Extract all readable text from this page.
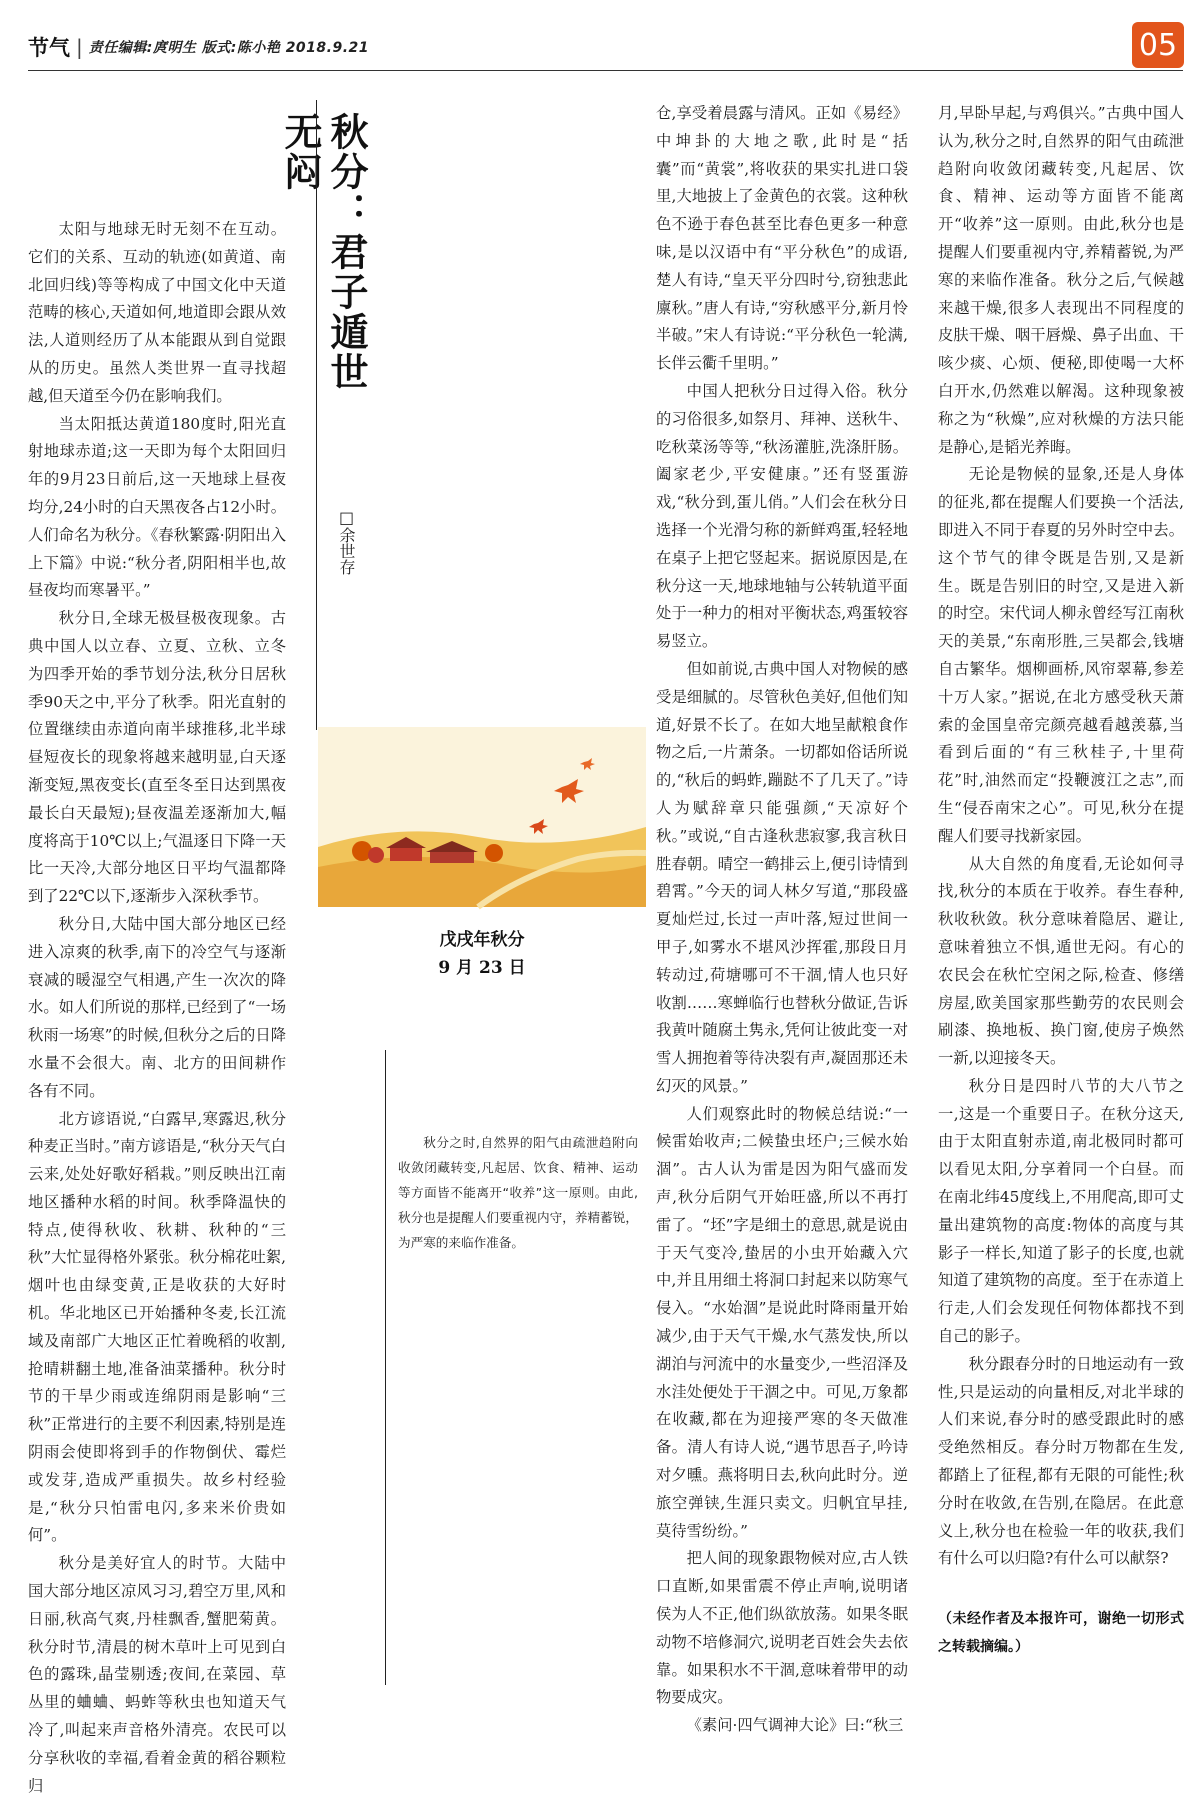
节气 | 责任编辑:庹明生 版式:陈小艳 2018.9.21	05
秋分：君子遁世无闷
□余世存

太阳与地球无时无刻不在互动。它们的关系、互动的轨迹(如黄道、南北回归线)等等构成了中国文化中天道范畴的核心,天道如何,地道即会跟从效法,人道则经历了从本能跟从到自觉跟从的历史。虽然人类世界一直寻找超越,但天道至今仍在影响我们。

当太阳抵达黄道180度时,阳光直射地球赤道;这一天即为每个太阳回归年的9月23日前后,这一天地球上昼夜均分,24小时的白天黑夜各占12小时。人们命名为秋分。《春秋繁露·阴阳出入上下篇》中说:“秋分者,阴阳相半也,故昼夜均而寒暑平。”

秋分日,全球无极昼极夜现象。古典中国人以立春、立夏、立秋、立冬为四季开始的季节划分法,秋分日居秋季90天之中,平分了秋季。阳光直射的位置继续由赤道向南半球推移,北半球昼短夜长的现象将越来越明显,白天逐渐变短,黑夜变长(直至冬至日达到黑夜最长白天最短);昼夜温差逐渐加大,幅度将高于10℃以上;气温逐日下降一天比一天冷,大部分地区日平均气温都降到了22℃以下,逐渐步入深秋季节。

秋分日,大陆中国大部分地区已经进入凉爽的秋季,南下的冷空气与逐渐衰减的暖湿空气相遇,产生一次次的降水。如人们所说的那样,已经到了“一场秋雨一场寒”的时候,但秋分之后的日降水量不会很大。南、北方的田间耕作各有不同。

北方谚语说,“白露早,寒露迟,秋分种麦正当时。”南方谚语是,“秋分天气白云来,处处好歌好稻栽。”则反映出江南地区播种水稻的时间。秋季降温快的特点,使得秋收、秋耕、秋种的“三秋”大忙显得格外紧张。秋分棉花吐絮,烟叶也由绿变黄,正是收获的大好时机。华北地区已开始播种冬麦,长江流域及南部广大地区正忙着晚稻的收割,抢晴耕翻土地,准备油菜播种。秋分时节的干旱少雨或连绵阴雨是影响“三秋”正常进行的主要不利因素,特别是连阴雨会使即将到手的作物倒伏、霉烂或发芽,造成严重损失。故乡村经验是,“秋分只怕雷电闪,多来米价贵如何”。

秋分是美好宜人的时节。大陆中国大部分地区凉风习习,碧空万里,风和日丽,秋高气爽,丹桂飘香,蟹肥菊黄。秋分时节,清晨的树木草叶上可见到白色的露珠,晶莹剔透;夜间,在菜园、草丛里的蛐蛐、蚂蚱等秋虫也知道天气冷了,叫起来声音格外清亮。农民可以分享秋收的幸福,看着金黄的稻谷颗粒归

戊戌年秋分
9 月 23 日

秋分之时,自然界的阳气由疏泄趋附向收敛闭藏转变,凡起居、饮食、精神、运动等方面皆不能离开“收养”这一原则。由此,秋分也是提醒人们要重视内守，养精蓄锐，为严寒的来临作准备。

仓,享受着晨露与清风。正如《易经》中坤卦的大地之歌,此时是“括囊”而“黄裳”,将收获的果实扎进口袋里,大地披上了金黄色的衣裳。这种秋色不逊于春色甚至比春色更多一种意味,是以汉语中有“平分秋色”的成语,楚人有诗,“皇天平分四时兮,窃独悲此廪秋。”唐人有诗,“穷秋感平分,新月怜半破。”宋人有诗说:“平分秋色一轮满,长伴云衢千里明。”

中国人把秋分日过得入俗。秋分的习俗很多,如祭月、拜神、送秋牛、吃秋菜汤等等,“秋汤灌脏,洗涤肝肠。阖家老少,平安健康。”还有竖蛋游戏,“秋分到,蛋儿俏。”人们会在秋分日选择一个光滑匀称的新鲜鸡蛋,轻轻地在桌子上把它竖起来。据说原因是,在秋分这一天,地球地轴与公转轨道平面处于一种力的相对平衡状态,鸡蛋较容易竖立。

但如前说,古典中国人对物候的感受是细腻的。尽管秋色美好,但他们知道,好景不长了。在如大地呈献粮食作物之后,一片萧条。一切都如俗话所说的,“秋后的蚂蚱,蹦跶不了几天了。”诗人为赋辞章只能强颜,“天凉好个秋。”或说,“自古逢秋悲寂寥,我言秋日胜春朝。晴空一鹤排云上,便引诗情到碧霄。”今天的词人林夕写道,“那段盛夏灿烂过,长过一声叶落,短过世间一甲子,如雾水不堪风沙挥霍,那段日月转动过,荷塘哪可不干涸,情人也只好收割……寒蝉临行也替秋分做证,告诉我黄叶随腐土隽永,凭何让彼此变一对雪人拥抱着等待决裂有声,凝固那还未幻灭的风景。”

人们观察此时的物候总结说:“一候雷始收声;二候蛰虫坯户;三候水始涸”。古人认为雷是因为阳气盛而发声,秋分后阴气开始旺盛,所以不再打雷了。“坯”字是细土的意思,就是说由于天气变冷,蛰居的小虫开始藏入穴中,并且用细土将洞口封起来以防寒气侵入。“水始涸”是说此时降雨量开始减少,由于天气干燥,水气蒸发快,所以湖泊与河流中的水量变少,一些沼泽及水洼处便处于干涸之中。可见,万象都在收藏,都在为迎接严寒的冬天做准备。清人有诗人说,“遇节思吾子,吟诗对夕曛。燕将明日去,秋向此时分。逆旅空弹铗,生涯只卖文。归帆宜早挂,莫待雪纷纷。”

把人间的现象跟物候对应,古人铁口直断,如果雷震不停止声响,说明诸侯为人不正,他们纵欲放荡。如果冬眠动物不培修洞穴,说明老百姓会失去依靠。如果积水不干涸,意味着带甲的动物要成灾。

《素问·四气调神大论》曰:“秋三

月,早卧早起,与鸡俱兴。”古典中国人认为,秋分之时,自然界的阳气由疏泄趋附向收敛闭藏转变,凡起居、饮食、精神、运动等方面皆不能离开“收养”这一原则。由此,秋分也是提醒人们要重视内守,养精蓄锐,为严寒的来临作准备。秋分之后,气候越来越干燥,很多人表现出不同程度的皮肤干燥、咽干唇燥、鼻子出血、干咳少痰、心烦、便秘,即使喝一大杯白开水,仍然难以解渴。这种现象被称之为“秋燥”,应对秋燥的方法只能是静心,是韬光养晦。

无论是物候的显象,还是人身体的征兆,都在提醒人们要换一个活法,即进入不同于春夏的另外时空中去。这个节气的律令既是告别,又是新生。既是告别旧的时空,又是进入新的时空。宋代词人柳永曾经写江南秋天的美景,“东南形胜,三吴都会,钱塘自古繁华。烟柳画桥,风帘翠幕,参差十万人家。”据说,在北方感受秋天萧索的金国皇帝完颜亮越看越羡慕,当看到后面的“有三秋桂子,十里荷花”时,油然而定“投鞭渡江之志”,而生“侵吞南宋之心”。可见,秋分在提醒人们要寻找新家园。

从大自然的角度看,无论如何寻找,秋分的本质在于收养。春生春种,秋收秋敛。秋分意味着隐居、避让,意味着独立不惧,遁世无闷。有心的农民会在秋忙空闲之际,检查、修缮房屋,欧美国家那些勤劳的农民则会刷漆、换地板、换门窗,使房子焕然一新,以迎接冬天。

秋分日是四时八节的大八节之一,这是一个重要日子。在秋分这天,由于太阳直射赤道,南北极同时都可以看见太阳,分享着同一个白昼。而在南北纬45度线上,不用爬高,即可丈量出建筑物的高度:物体的高度与其影子一样长,知道了影子的长度,也就知道了建筑物的高度。至于在赤道上行走,人们会发现任何物体都找不到自己的影子。

秋分跟春分时的日地运动有一致性,只是运动的向量相反,对北半球的人们来说,春分时的感受跟此时的感受绝然相反。春分时万物都在生发,都踏上了征程,都有无限的可能性;秋分时在收敛,在告别,在隐居。在此意义上,秋分也在检验一年的收获,我们有什么可以归隐?有什么可以献祭?

（未经作者及本报许可，谢绝一切形式之转载摘编。）
